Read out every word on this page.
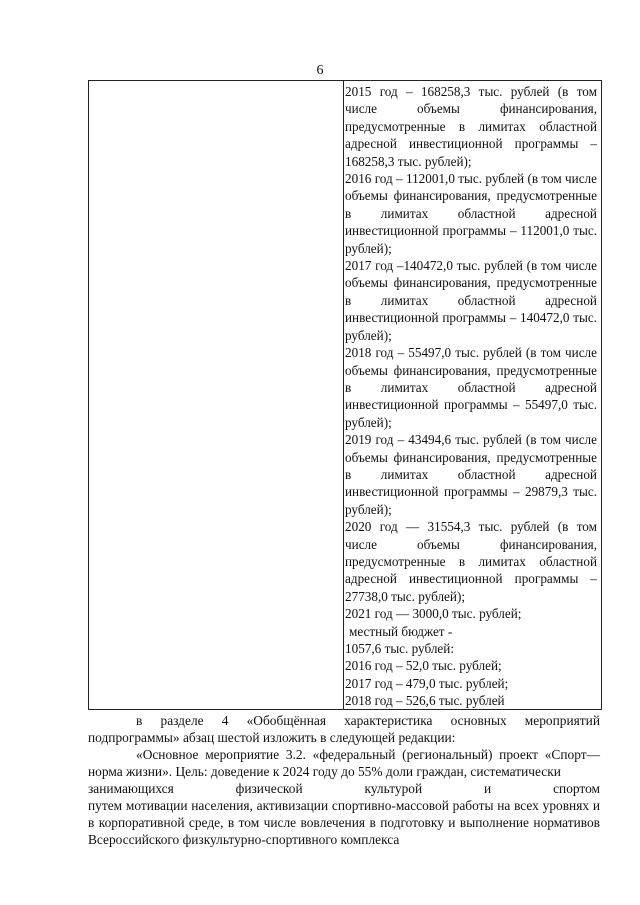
6

2015 год – 168258,3 тыс. рублей (в том числе объемы финансирования, предусмотренные в лимитах областной адресной инвестиционной программы – 168258,3 тыс. рублей);

2016 год – 112001,0 тыс. рублей (в том числе объемы финансирования, предусмотренные в лимитах областной адресной инвестиционной программы – 112001,0 тыс. рублей);

2017 год –140472,0 тыс. рублей (в том числе объемы финансирования, предусмотренные в лимитах областной адресной инвестиционной программы – 140472,0 тыс. рублей);

2018 год – 55497,0 тыс. рублей (в том числе объемы финансирования, предусмотренные в лимитах областной адресной инвестиционной программы – 55497,0 тыс. рублей);

2019 год – 43494,6 тыс. рублей (в том числе объемы финансирования, предусмотренные в лимитах областной адресной инвестиционной программы – 29879,3 тыс. рублей);

2020 год — 31554,3 тыс. рублей (в том числе объемы финансирования, предусмотренные в лимитах областной адресной инвестиционной программы – 27738,0 тыс. рублей);

2021 год — 3000,0 тыс. рублей;

местный бюджет -

1057,6 тыс. рублей:

2016 год – 52,0 тыс. рублей;

2017 год – 479,0 тыс. рублей;

2018 год – 526,6 тыс. рублей

в разделе 4 «Обобщённая характеристика основных мероприятий подпрограммы» абзац шестой изложить в следующей редакции:

«Основное мероприятие 3.2. «федеральный (региональный) проект «Спорт— норма жизни». Цель: доведение к 2024 году до 55% доли граждан, систематически

занимающихся физической культурой и спортом

путем мотивации населения, активизации спортивно-массовой работы на всех уровнях и в корпоративной среде, в том числе вовлечения в подготовку и выполнение нормативов Всероссийского физкультурно-спортивного комплекса
